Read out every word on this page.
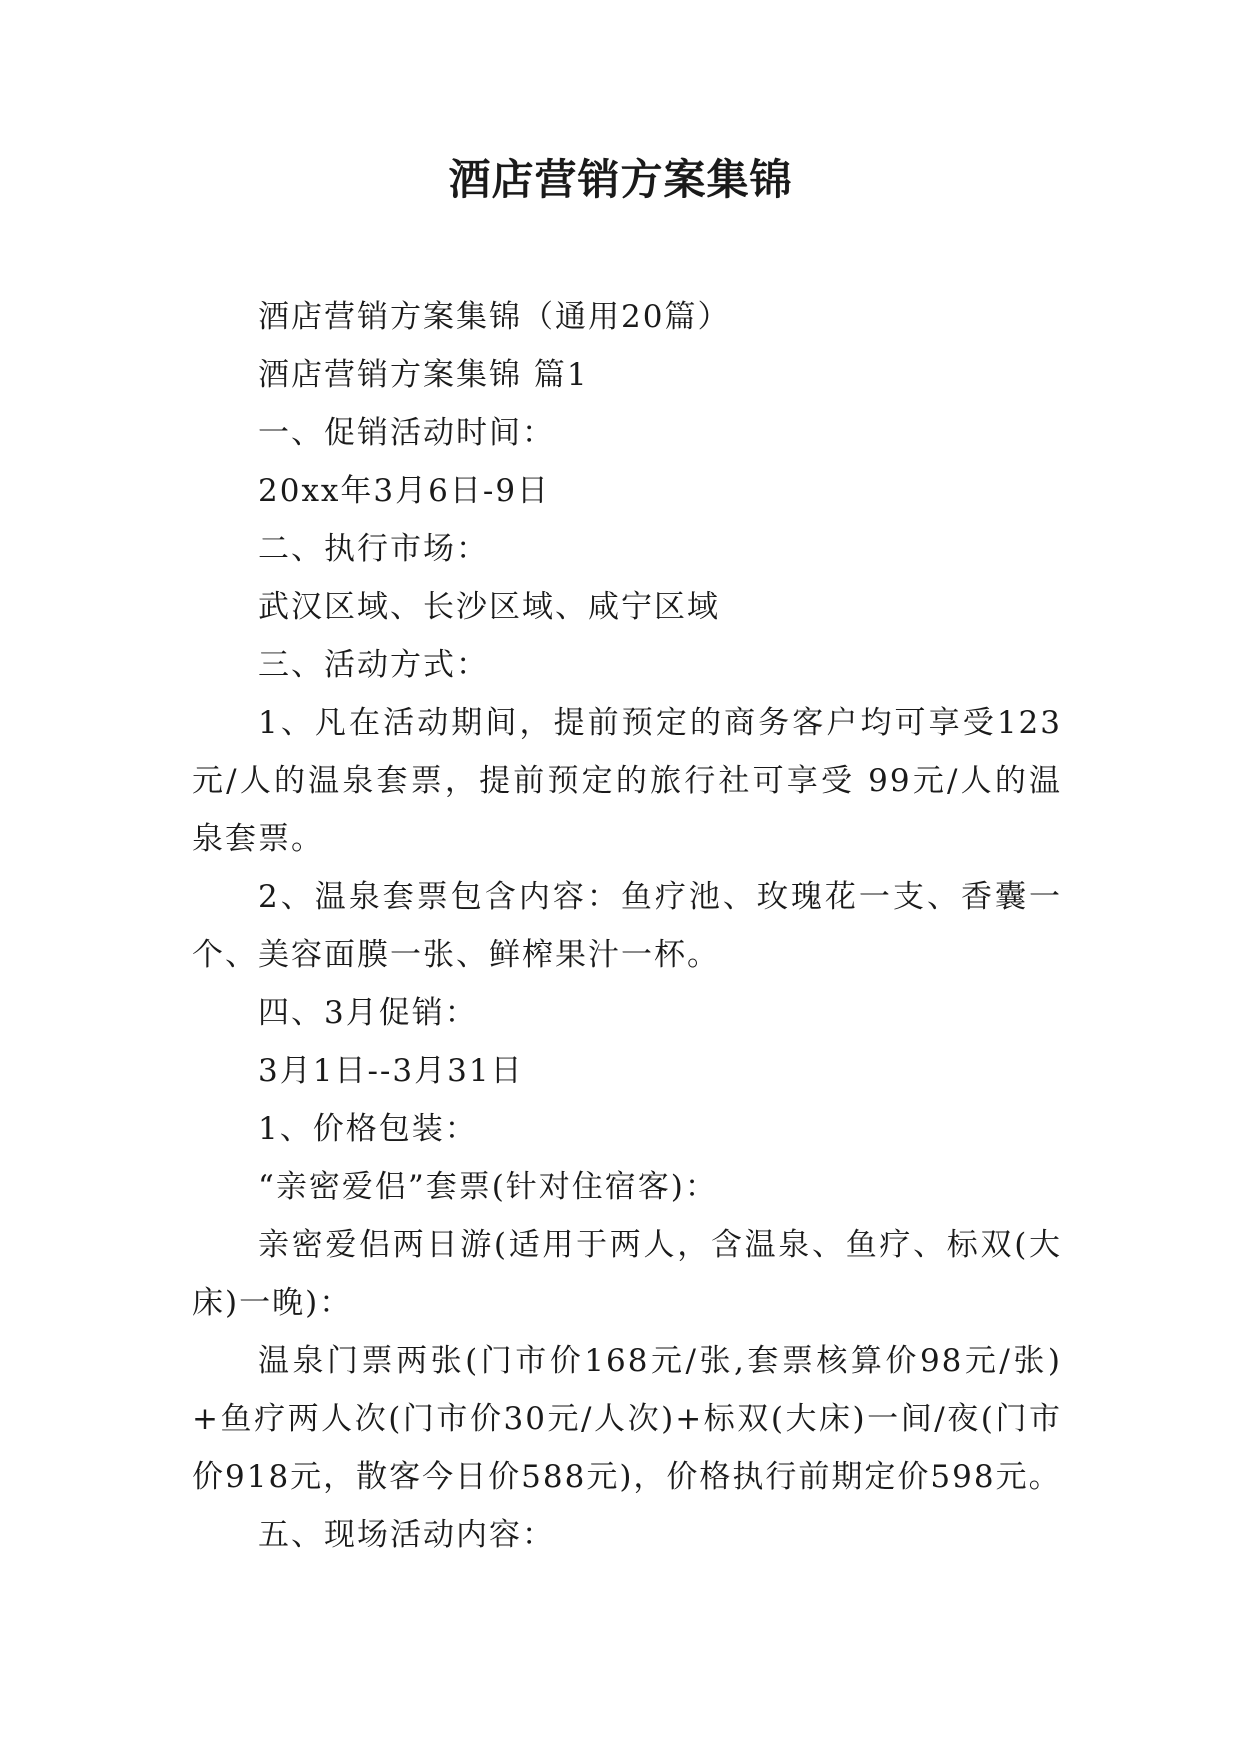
酒店营销方案集锦

酒店营销方案集锦（通用20篇）

酒店营销方案集锦 篇1

一、促销活动时间：

20xx年3月6日-9日

二、执行市场：

武汉区域、长沙区域、咸宁区域

三、活动方式：

1、凡在活动期间，提前预定的商务客户均可享受123元/人的温泉套票，提前预定的旅行社可享受 99元/人的温泉套票。

2、温泉套票包含内容：鱼疗池、玫瑰花一支、香囊一个、美容面膜一张、鲜榨果汁一杯。

四、3月促销：

3月1日--3月31日

1、价格包装：

“亲密爱侣”套票(针对住宿客)：

亲密爱侣两日游(适用于两人，含温泉、鱼疗、标双(大床)一晚)：

温泉门票两张(门市价168元/张,套票核算价98元/张)+鱼疗两人次(门市价30元/人次)+标双(大床)一间/夜(门市价918元，散客今日价588元)，价格执行前期定价598元。

五、现场活动内容：
